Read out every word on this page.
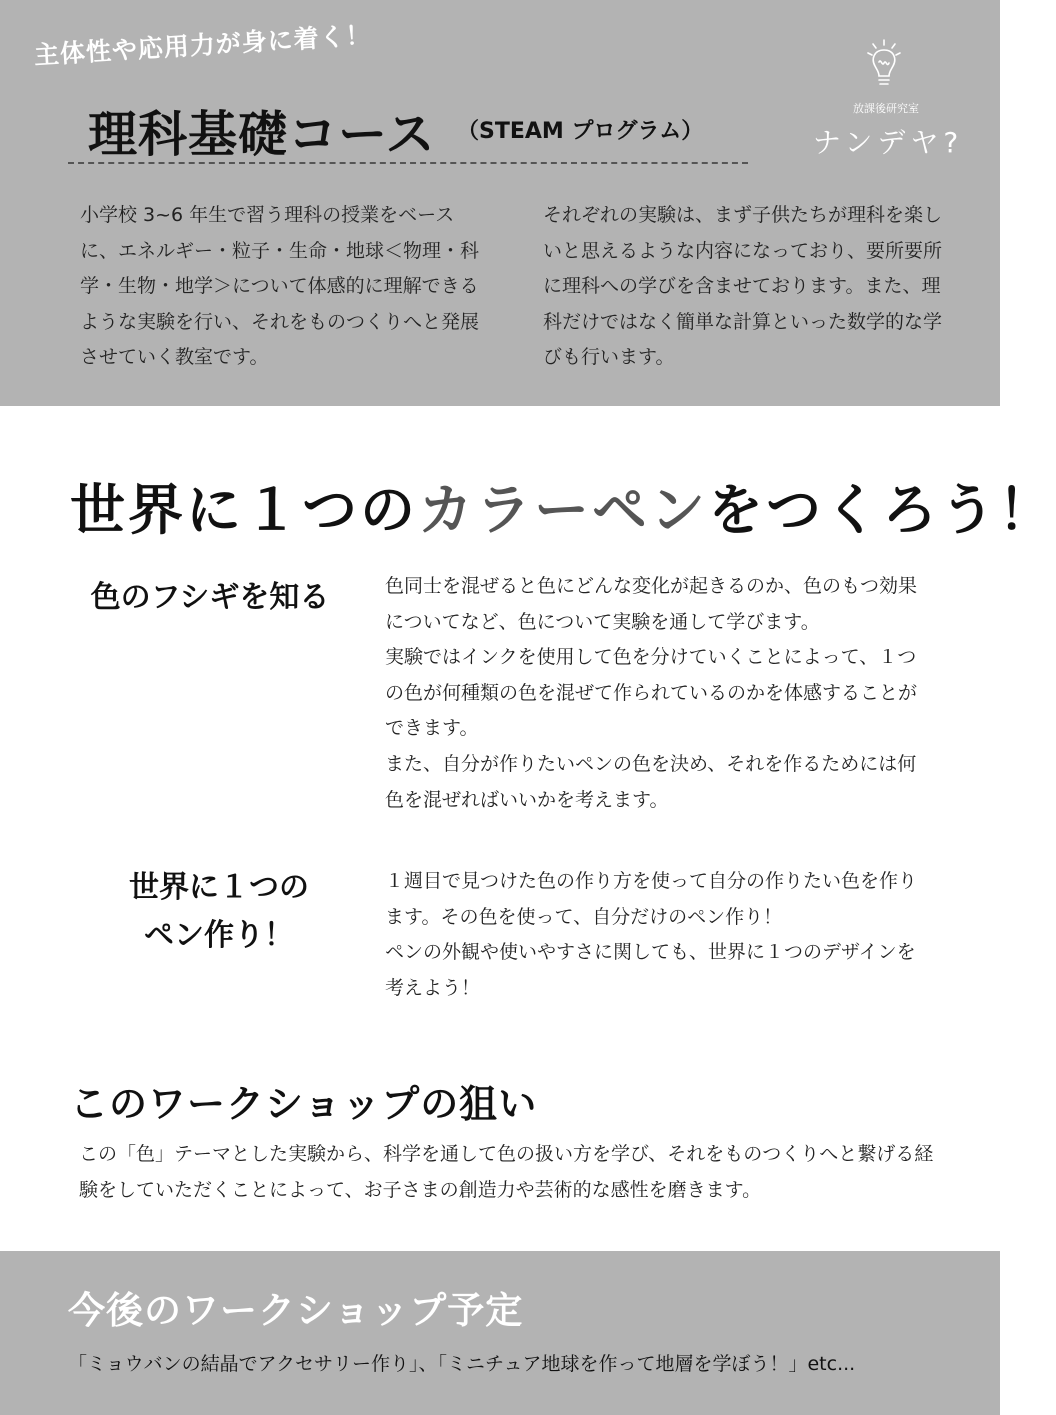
主体性や応用力が身に着く！
理科基礎コース （STEAM プログラム）
小学校 3~6 年生で習う理科の授業をベースに、エネルギー・粒子・生命・地球＜物理・科学・生物・地学＞について体感的に理解できるような実験を行い、それをものつくりへと発展させていく教室です。
それぞれの実験は、まず子供たちが理科を楽しいと思えるような内容になっており、要所要所に理科への学びを含ませております。また、理科だけではなく簡単な計算といった数学的な学びも行います。
放課後研究室
ナンデヤ?
世界に１つのカラーペンをつくろう！
色のフシギを知る	色同士を混ぜると色にどんな変化が起きるのか、色のもつ効果についてなど、色について実験を通して学びます。
実験ではインクを使用して色を分けていくことによって、１つの色が何種類の色を混ぜて作られているのかを体感することができます。
また、自分が作りたいペンの色を決め、それを作るためには何色を混ぜればいいかを考えます。
世界に１つの
ペン作り！
１週目で見つけた色の作り方を使って自分の作りたい色を作ります。その色を使って、自分だけのペン作り！
ペンの外観や使いやすさに関しても、世界に１つのデザインを考えよう！
このワークショップの狙い
この「色」テーマとした実験から、科学を通して色の扱い方を学び、それをものつくりへと繋げる経験をしていただくことによって、お子さまの創造力や芸術的な感性を磨きます。
今後のワークショップ予定
「ミョウバンの結晶でアクセサリー作り」、「ミニチュア地球を作って地層を学ぼう！」etc...
